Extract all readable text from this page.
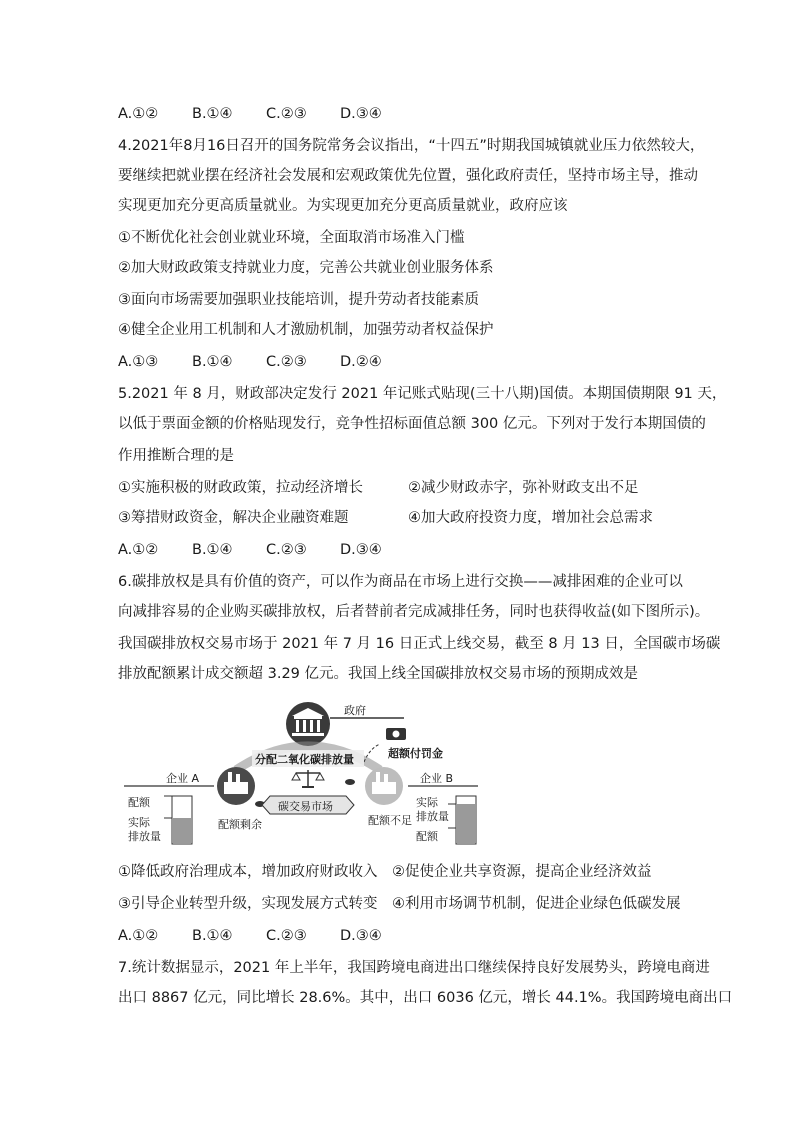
A.①② B.①④ C.②③ D.③④
4.2021年8月16日召开的国务院常务会议指出，“十四五”时期我国城镇就业压力依然较大，
要继续把就业摆在经济社会发展和宏观政策优先位置，强化政府责任，坚持市场主导，推动
实现更加充分更高质量就业。为实现更加充分更高质量就业，政府应该
①不断优化社会创业就业环境，全面取消市场准入门槛
②加大财政政策支持就业力度，完善公共就业创业服务体系
③面向市场需要加强职业技能培训，提升劳动者技能素质
④健全企业用工机制和人才激励机制，加强劳动者权益保护
A.①③ B.①④ C.②③ D.②④
5.2021 年 8 月，财政部决定发行 2021 年记账式贴现(三十八期)国债。本期国债期限 91 天，
以低于票面金额的价格贴现发行，竞争性招标面值总额 300 亿元。下列对于发行本期国债的
作用推断合理的是
①实施积极的财政政策，拉动经济增长	②减少财政赤字，弥补财政支出不足
③筹措财政资金，解决企业融资难题	④加大政府投资力度，增加社会总需求
A.①② B.①④ C.②③ D.③④
6.碳排放权是具有价值的资产，可以作为商品在市场上进行交换——减排困难的企业可以
向减排容易的企业购买碳排放权，后者替前者完成减排任务，同时也获得收益(如下图所示)。
我国碳排放权交易市场于 2021 年 7 月 16 日正式上线交易，截至 8 月 13 日，全国碳市场碳
排放配额累计成交额超 3.29 亿元。我国上线全国碳排放权交易市场的预期成效是
政府
超额付罚金
分配二氧化碳排放量
企业 A	企业 B
碳交易市场
配额剩余	配额不足
配额
实际
排放量
实际
排放量
配额
①降低政府治理成本，增加政府财政收入 ②促使企业共享资源，提高企业经济效益
③引导企业转型升级，实现发展方式转变 ④利用市场调节机制，促进企业绿色低碳发展
A.①② B.①④ C.②③ D.③④
7.统计数据显示，2021 年上半年，我国跨境电商进出口继续保持良好发展势头，跨境电商进
出口 8867 亿元，同比增长 28.6%。其中，出口 6036 亿元，增长 44.1%。我国跨境电商出口
